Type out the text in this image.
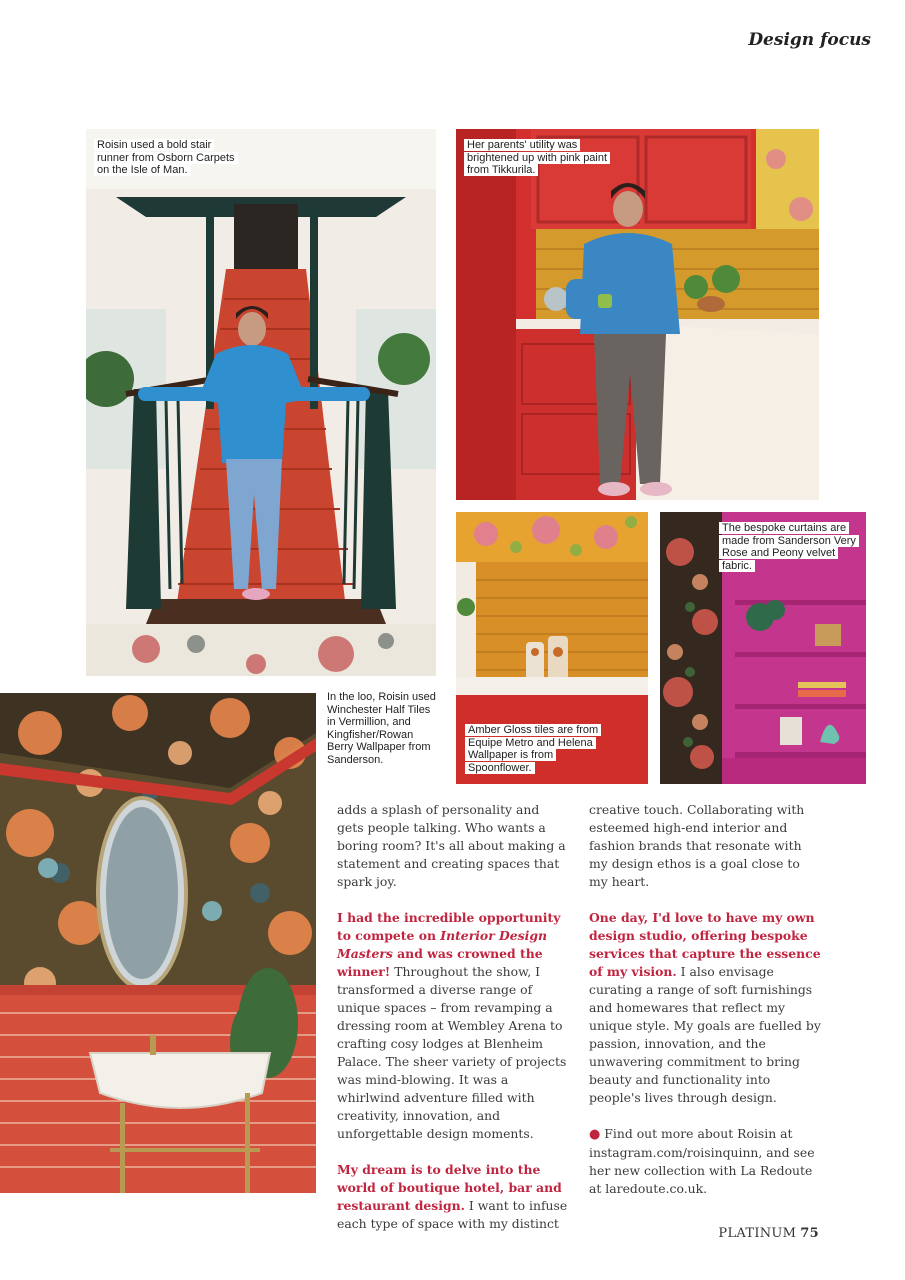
Design focus
Roisin used a bold stair runner from Osborn Carpets on the Isle of Man.
Her parents' utility was brightened up with pink paint from Tikkurila.
Amber Gloss tiles are from Equipe Metro and Helena Wallpaper is from Spoonflower.
The bespoke curtains are made from Sanderson Very Rose and Peony velvet fabric.
In the loo, Roisin used Winchester Half Tiles in Vermillion, and Kingfisher/Rowan Berry Wallpaper from Sanderson.

adds a splash of personality and gets people talking. Who wants a boring room? It's all about making a statement and creating spaces that spark joy.

I had the incredible opportunity to compete on Interior Design Masters and was crowned the winner! Throughout the show, I transformed a diverse range of unique spaces – from revamping a dressing room at Wembley Arena to crafting cosy lodges at Blenheim Palace. The sheer variety of projects was mind-blowing. It was a whirlwind adventure filled with creativity, innovation, and unforgettable design moments.

My dream is to delve into the world of boutique hotel, bar and restaurant design. I want to infuse each type of space with my distinct

creative touch. Collaborating with esteemed high-end interior and fashion brands that resonate with my design ethos is a goal close to my heart.

One day, I'd love to have my own design studio, offering bespoke services that capture the essence of my vision. I also envisage curating a range of soft furnishings and homewares that reflect my unique style. My goals are fuelled by passion, innovation, and the unwavering commitment to bring beauty and functionality into people's lives through design.

● Find out more about Roisin at instagram.com/roisinquinn, and see her new collection with La Redoute at laredoute.co.uk.

PLATINUM 75
